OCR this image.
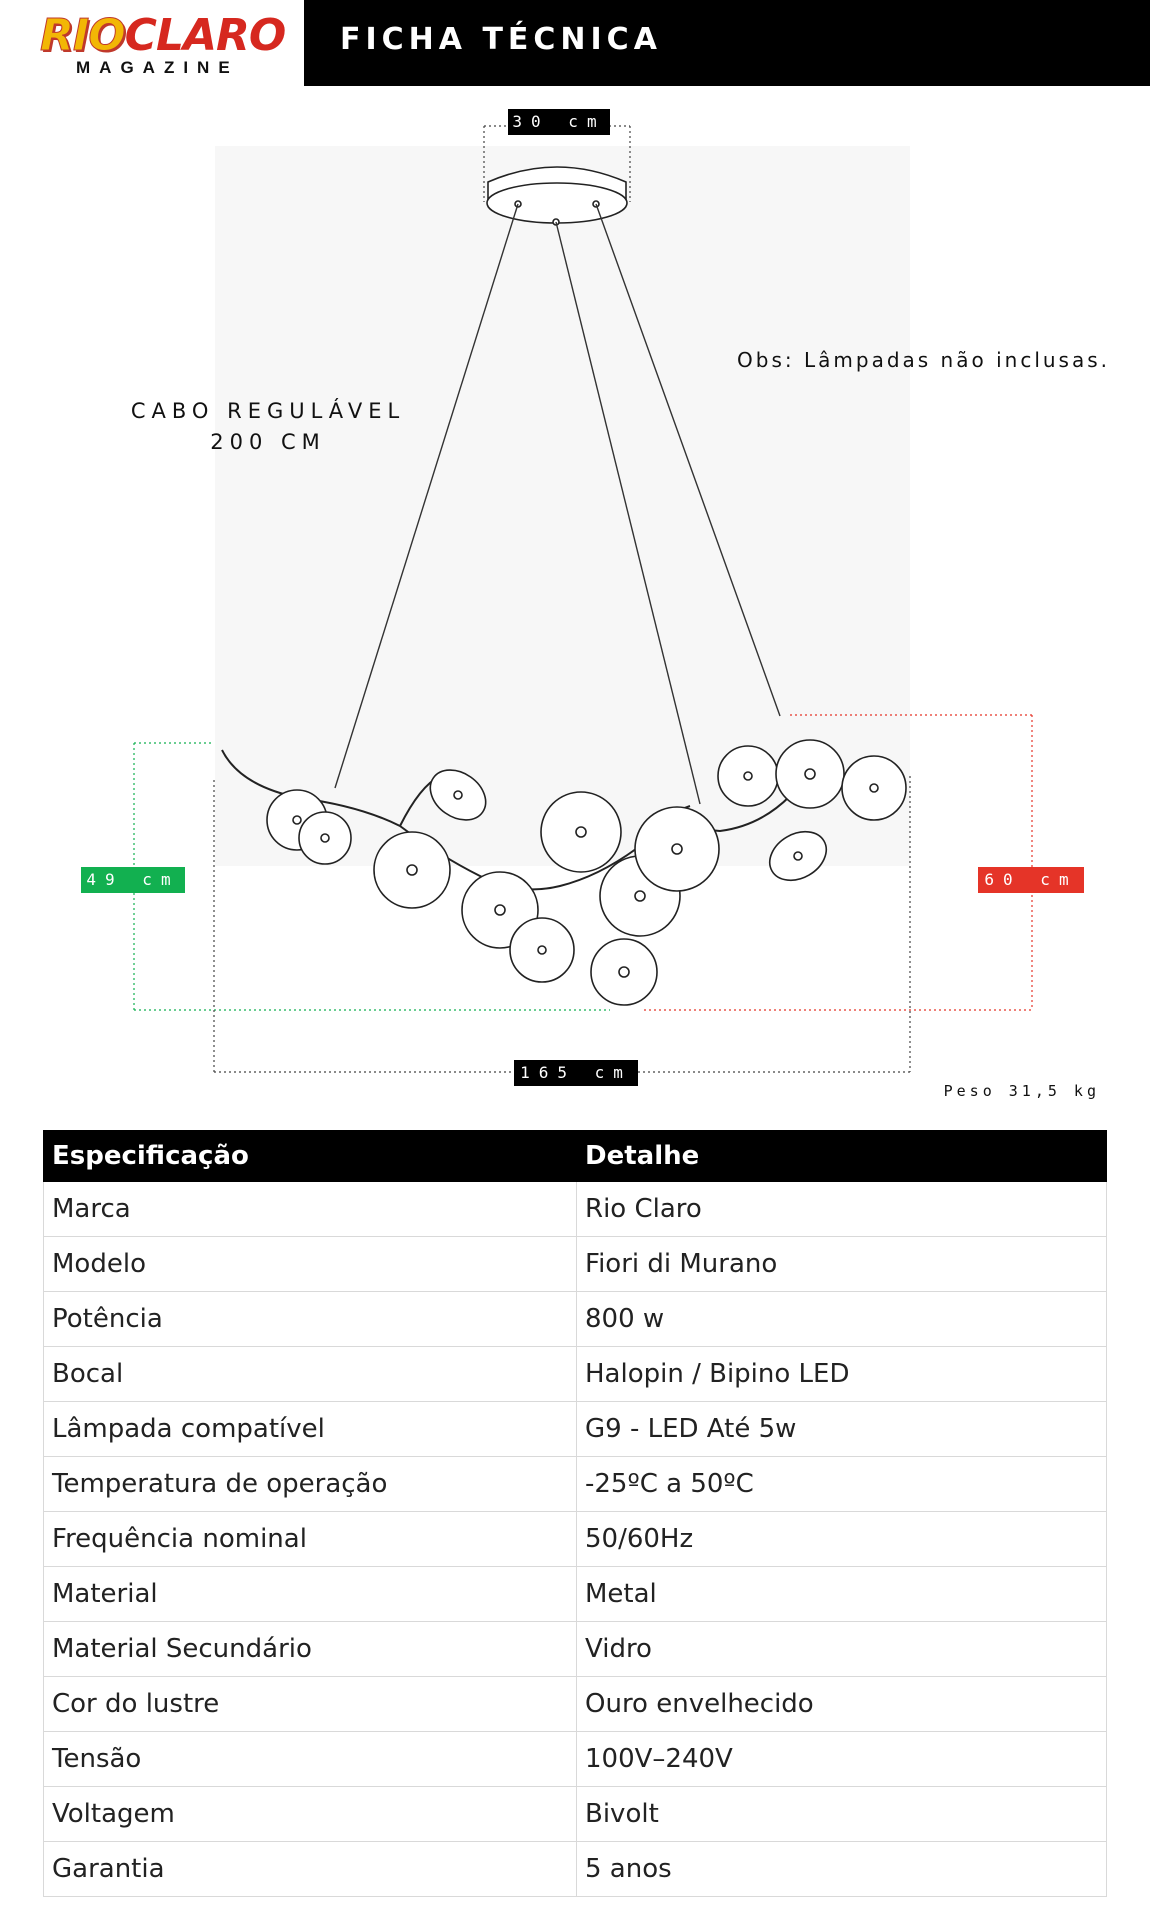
RIOCLARO
MAGAZINE
FICHA TÉCNICA
30 cm
49 cm	60 cm
165 cm
CABO REGULÁVEL
200 CM
Obs: Lâmpadas não inclusas.
Peso 31,5 kg
Especificação	Detalhe
Marca	Rio Claro
Modelo	Fiori di Murano
Potência	800 w
Bocal	Halopin / Bipino LED
Lâmpada compatível	G9 - LED Até 5w
Temperatura de operação	-25ºC a 50ºC
Frequência nominal	50/60Hz
Material	Metal
Material Secundário	Vidro
Cor do lustre	Ouro envelhecido
Tensão	100V–240V
Voltagem	Bivolt
Garantia	5 anos
